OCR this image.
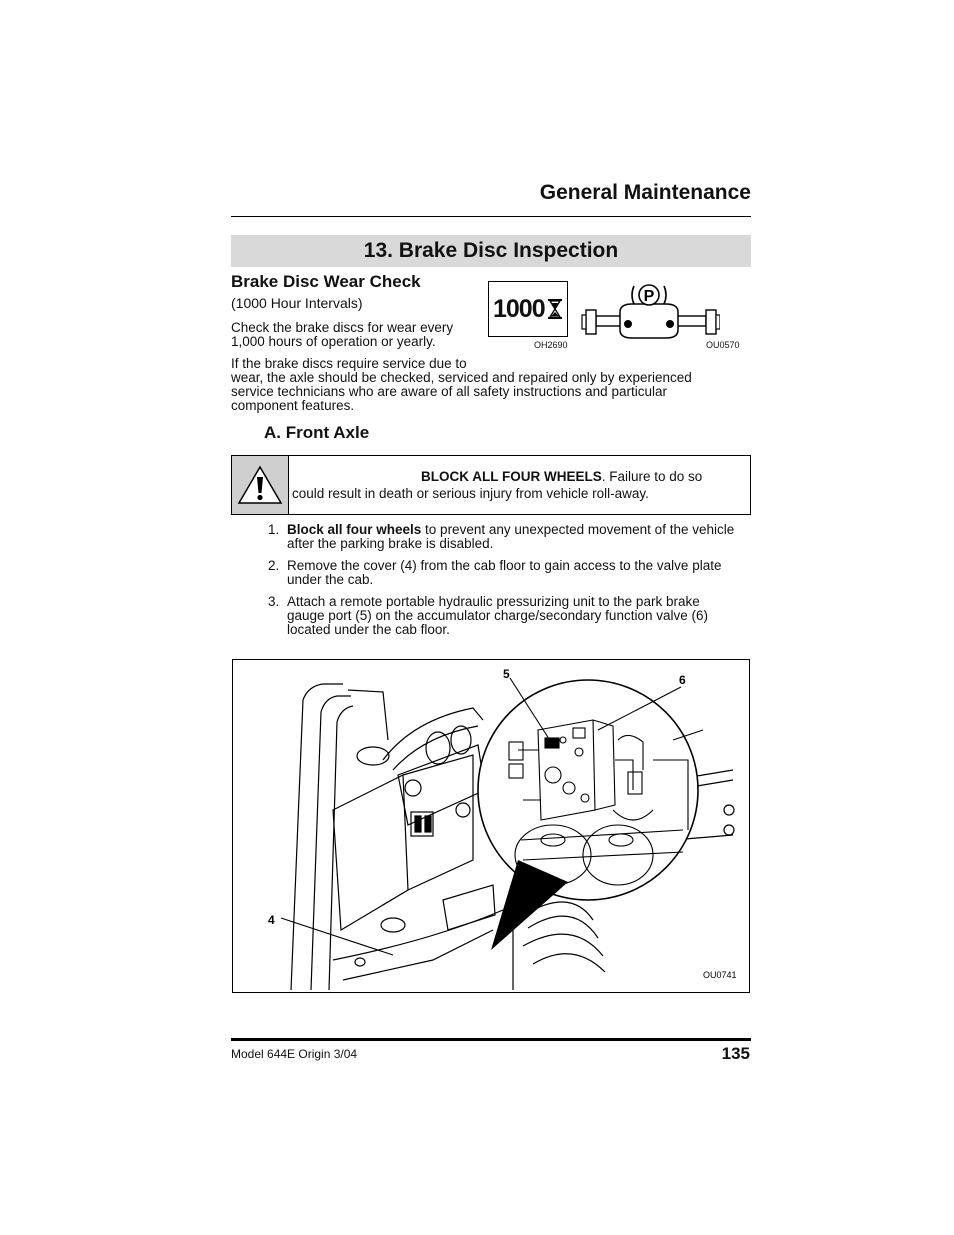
General Maintenance
13. Brake Disc Inspection
Brake Disc Wear Check
(1000 Hour Intervals)
Check the brake discs for wear every
1,000 hours of operation or yearly.
If the brake discs require service due to
wear, the axle should be checked, serviced and repaired only by experienced
service technicians who are aware of all safety instructions and particular
component features.
1000
OH2690
P
OU0570
A. Front Axle
BLOCK ALL FOUR WHEELS. Failure to do so
could result in death or serious injury from vehicle roll-away.
1. Block all four wheels to prevent any unexpected movement of the vehicle
after the parking brake is disabled.
2. Remove the cover (4) from the cab floor to gain access to the valve plate
under the cab.
3. Attach a remote portable hydraulic pressurizing unit to the park brake
gauge port (5) on the accumulator charge/secondary function valve (6)
located under the cab floor.
5	6
4
OU0741
Model 644E Origin 3/04	135
